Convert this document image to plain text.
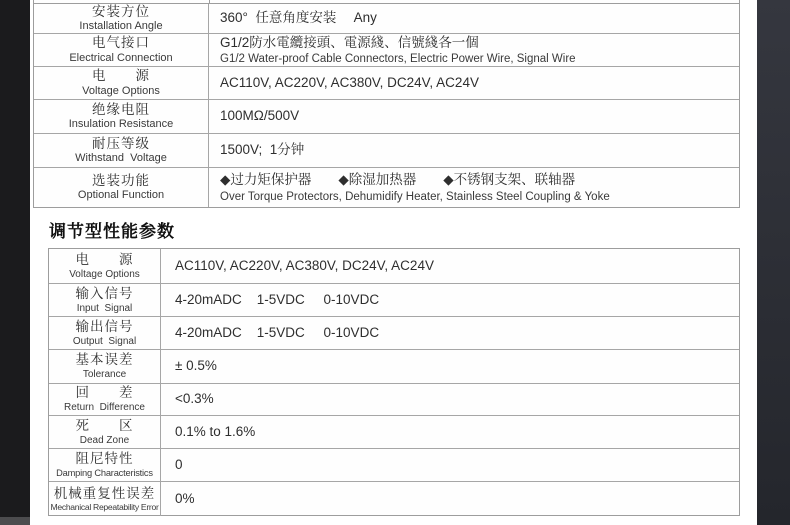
安装方位
Installation Angle
360°  任意角度安装　 Any
电气接口
Electrical Connection
G1/2防水電纜接頭、電源綫、信號綫各一個
G1/2 Water-proof Cable Connectors, Electric Power Wire, Signal Wire
电　　源
Voltage Options
AC110V, AC220V, AC380V, DC24V, AC24V
绝缘电阻
Insulation Resistance
100MΩ/500V
耐压等级
Withstand  Voltage
1500V;  1分钟
选装功能
Optional Function
◆过力矩保护器　　◆除湿加热器　　◆不锈钢支架、联轴器
Over Torque Protectors, Dehumidify Heater, Stainless Steel Coupling & Yoke
调节型性能参数
电　　源
Voltage Options
AC110V, AC220V, AC380V, DC24V, AC24V
输入信号
Input  Signal
4-20mADC    1-5VDC     0-10VDC
输出信号
Output  Signal
4-20mADC    1-5VDC     0-10VDC
基本误差
Tolerance
± 0.5%
回　　差
Return  Difference
<0.3%
死　　区
Dead Zone
0.1% to 1.6%
阻尼特性
Damping Characteristics
0
机械重复性误差
Mechanical Repeatability Error
0%
